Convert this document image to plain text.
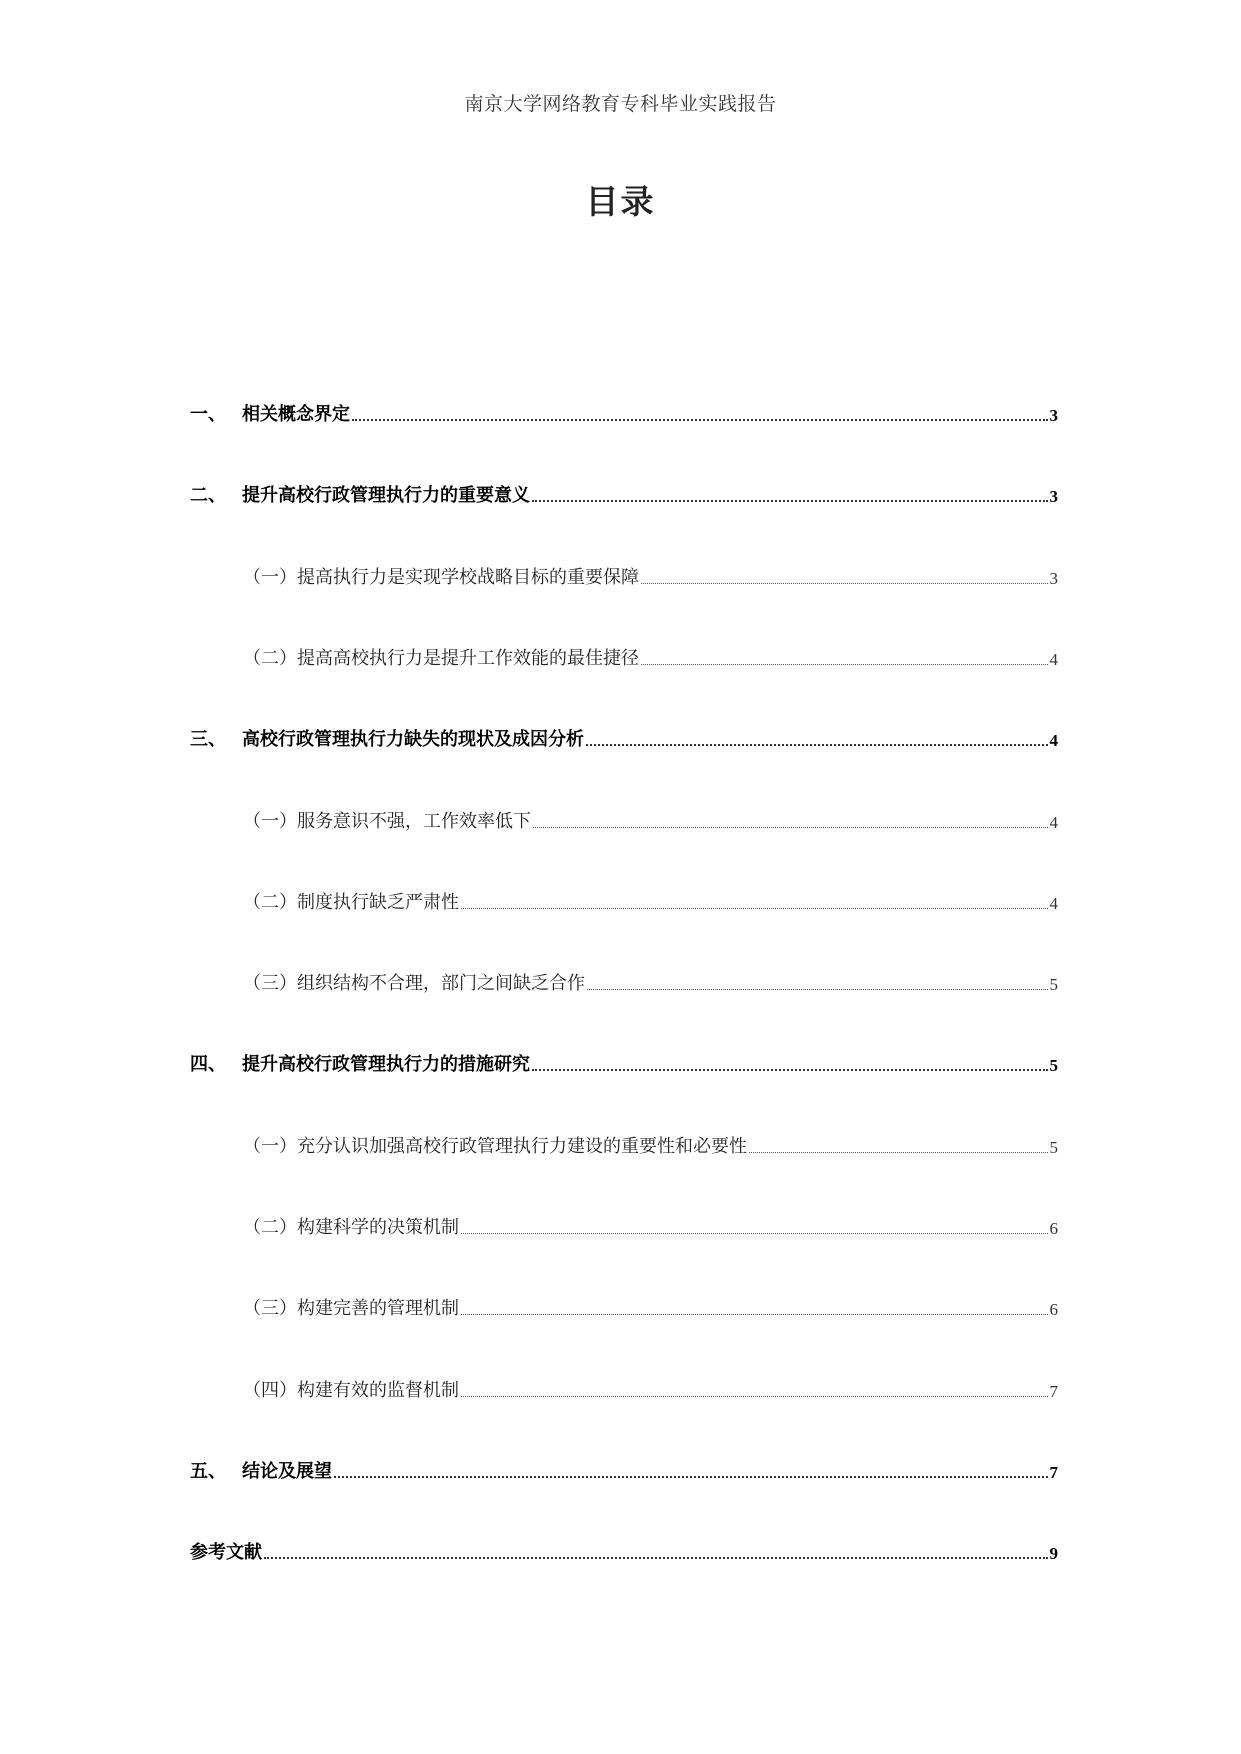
南京大学网络教育专科毕业实践报告
目录
一、 相关概念界定	3
二、 提升高校行政管理执行力的重要意义	3
（一）提高执行力是实现学校战略目标的重要保障	3
（二）提高高校执行力是提升工作效能的最佳捷径	4
三、 高校行政管理执行力缺失的现状及成因分析	4
（一）服务意识不强，工作效率低下	4
（二）制度执行缺乏严肃性	4
（三）组织结构不合理，部门之间缺乏合作	5
四、 提升高校行政管理执行力的措施研究	5
（一）充分认识加强高校行政管理执行力建设的重要性和必要性	5
（二）构建科学的决策机制	6
（三）构建完善的管理机制	6
（四）构建有效的监督机制	7
五、 结论及展望	7
参考文献	9
